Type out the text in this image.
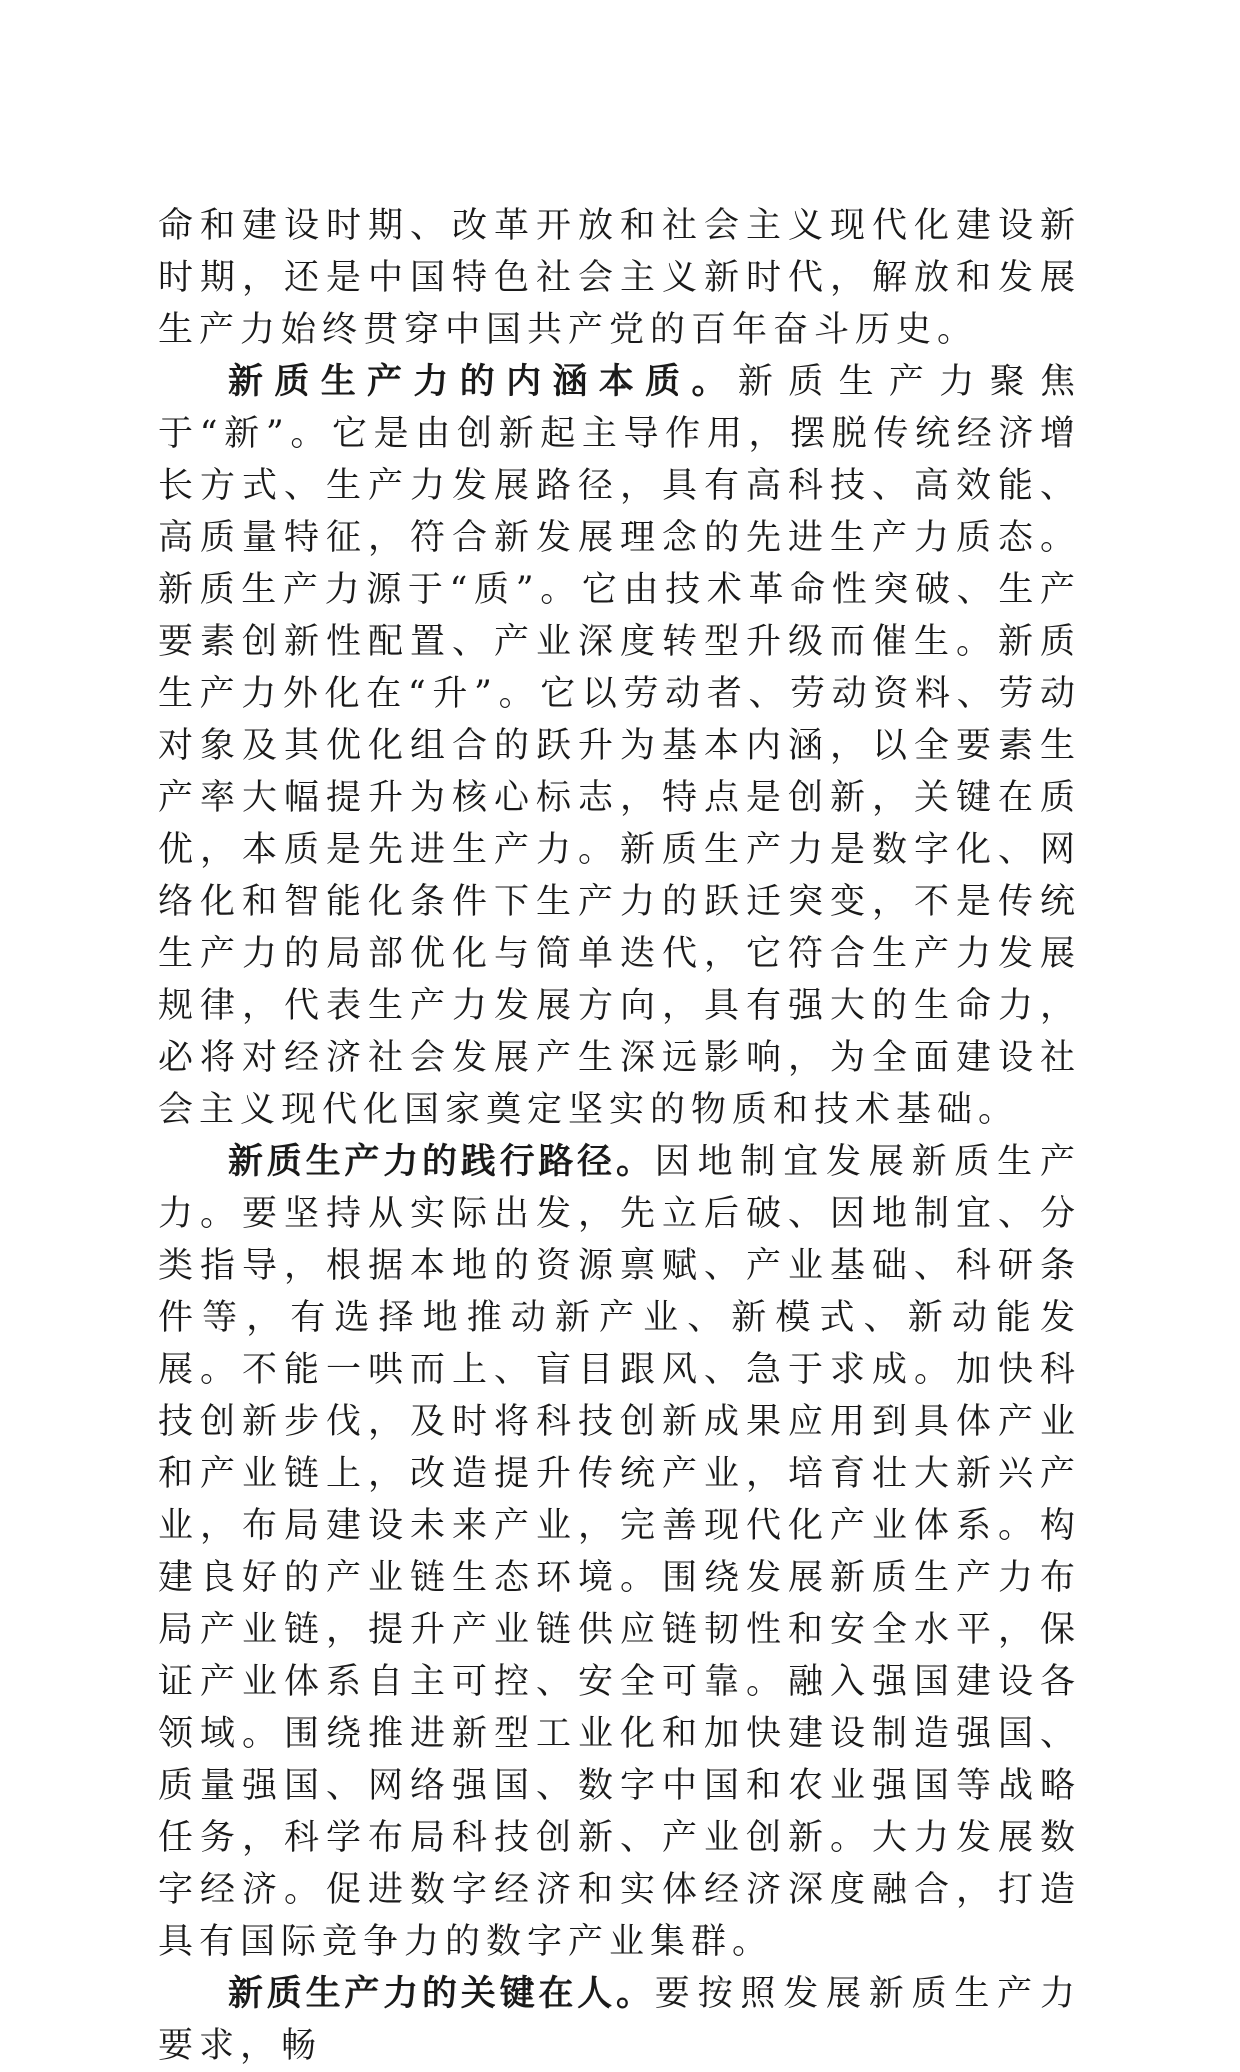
命和建设时期、改革开放和社会主义现代化建设新时期，还是中国特色社会主义新时代，解放和发展生产力始终贯穿中国共产党的百年奋斗历史。

新质生产力的内涵本质。新质生产力聚焦于“新”。它是由创新起主导作用，摆脱传统经济增长方式、生产力发展路径，具有高科技、高效能、高质量特征，符合新发展理念的先进生产力质态。新质生产力源于“质”。它由技术革命性突破、生产要素创新性配置、产业深度转型升级而催生。新质生产力外化在“升”。它以劳动者、劳动资料、劳动对象及其优化组合的跃升为基本内涵，以全要素生产率大幅提升为核心标志，特点是创新，关键在质优，本质是先进生产力。新质生产力是数字化、网络化和智能化条件下生产力的跃迁突变，不是传统生产力的局部优化与简单迭代，它符合生产力发展规律，代表生产力发展方向，具有强大的生命力，必将对经济社会发展产生深远影响，为全面建设社会主义现代化国家奠定坚实的物质和技术基础。

新质生产力的践行路径。因地制宜发展新质生产力。要坚持从实际出发，先立后破、因地制宜、分类指导，根据本地的资源禀赋、产业基础、科研条件等，有选择地推动新产业、新模式、新动能发展。不能一哄而上、盲目跟风、急于求成。加快科技创新步伐，及时将科技创新成果应用到具体产业和产业链上，改造提升传统产业，培育壮大新兴产业，布局建设未来产业，完善现代化产业体系。构建良好的产业链生态环境。围绕发展新质生产力布局产业链，提升产业链供应链韧性和安全水平，保证产业体系自主可控、安全可靠。融入强国建设各领域。围绕推进新型工业化和加快建设制造强国、质量强国、网络强国、数字中国和农业强国等战略任务，科学布局科技创新、产业创新。大力发展数字经济。促进数字经济和实体经济深度融合，打造具有国际竞争力的数字产业集群。

新质生产力的关键在人。要按照发展新质生产力要求，畅
